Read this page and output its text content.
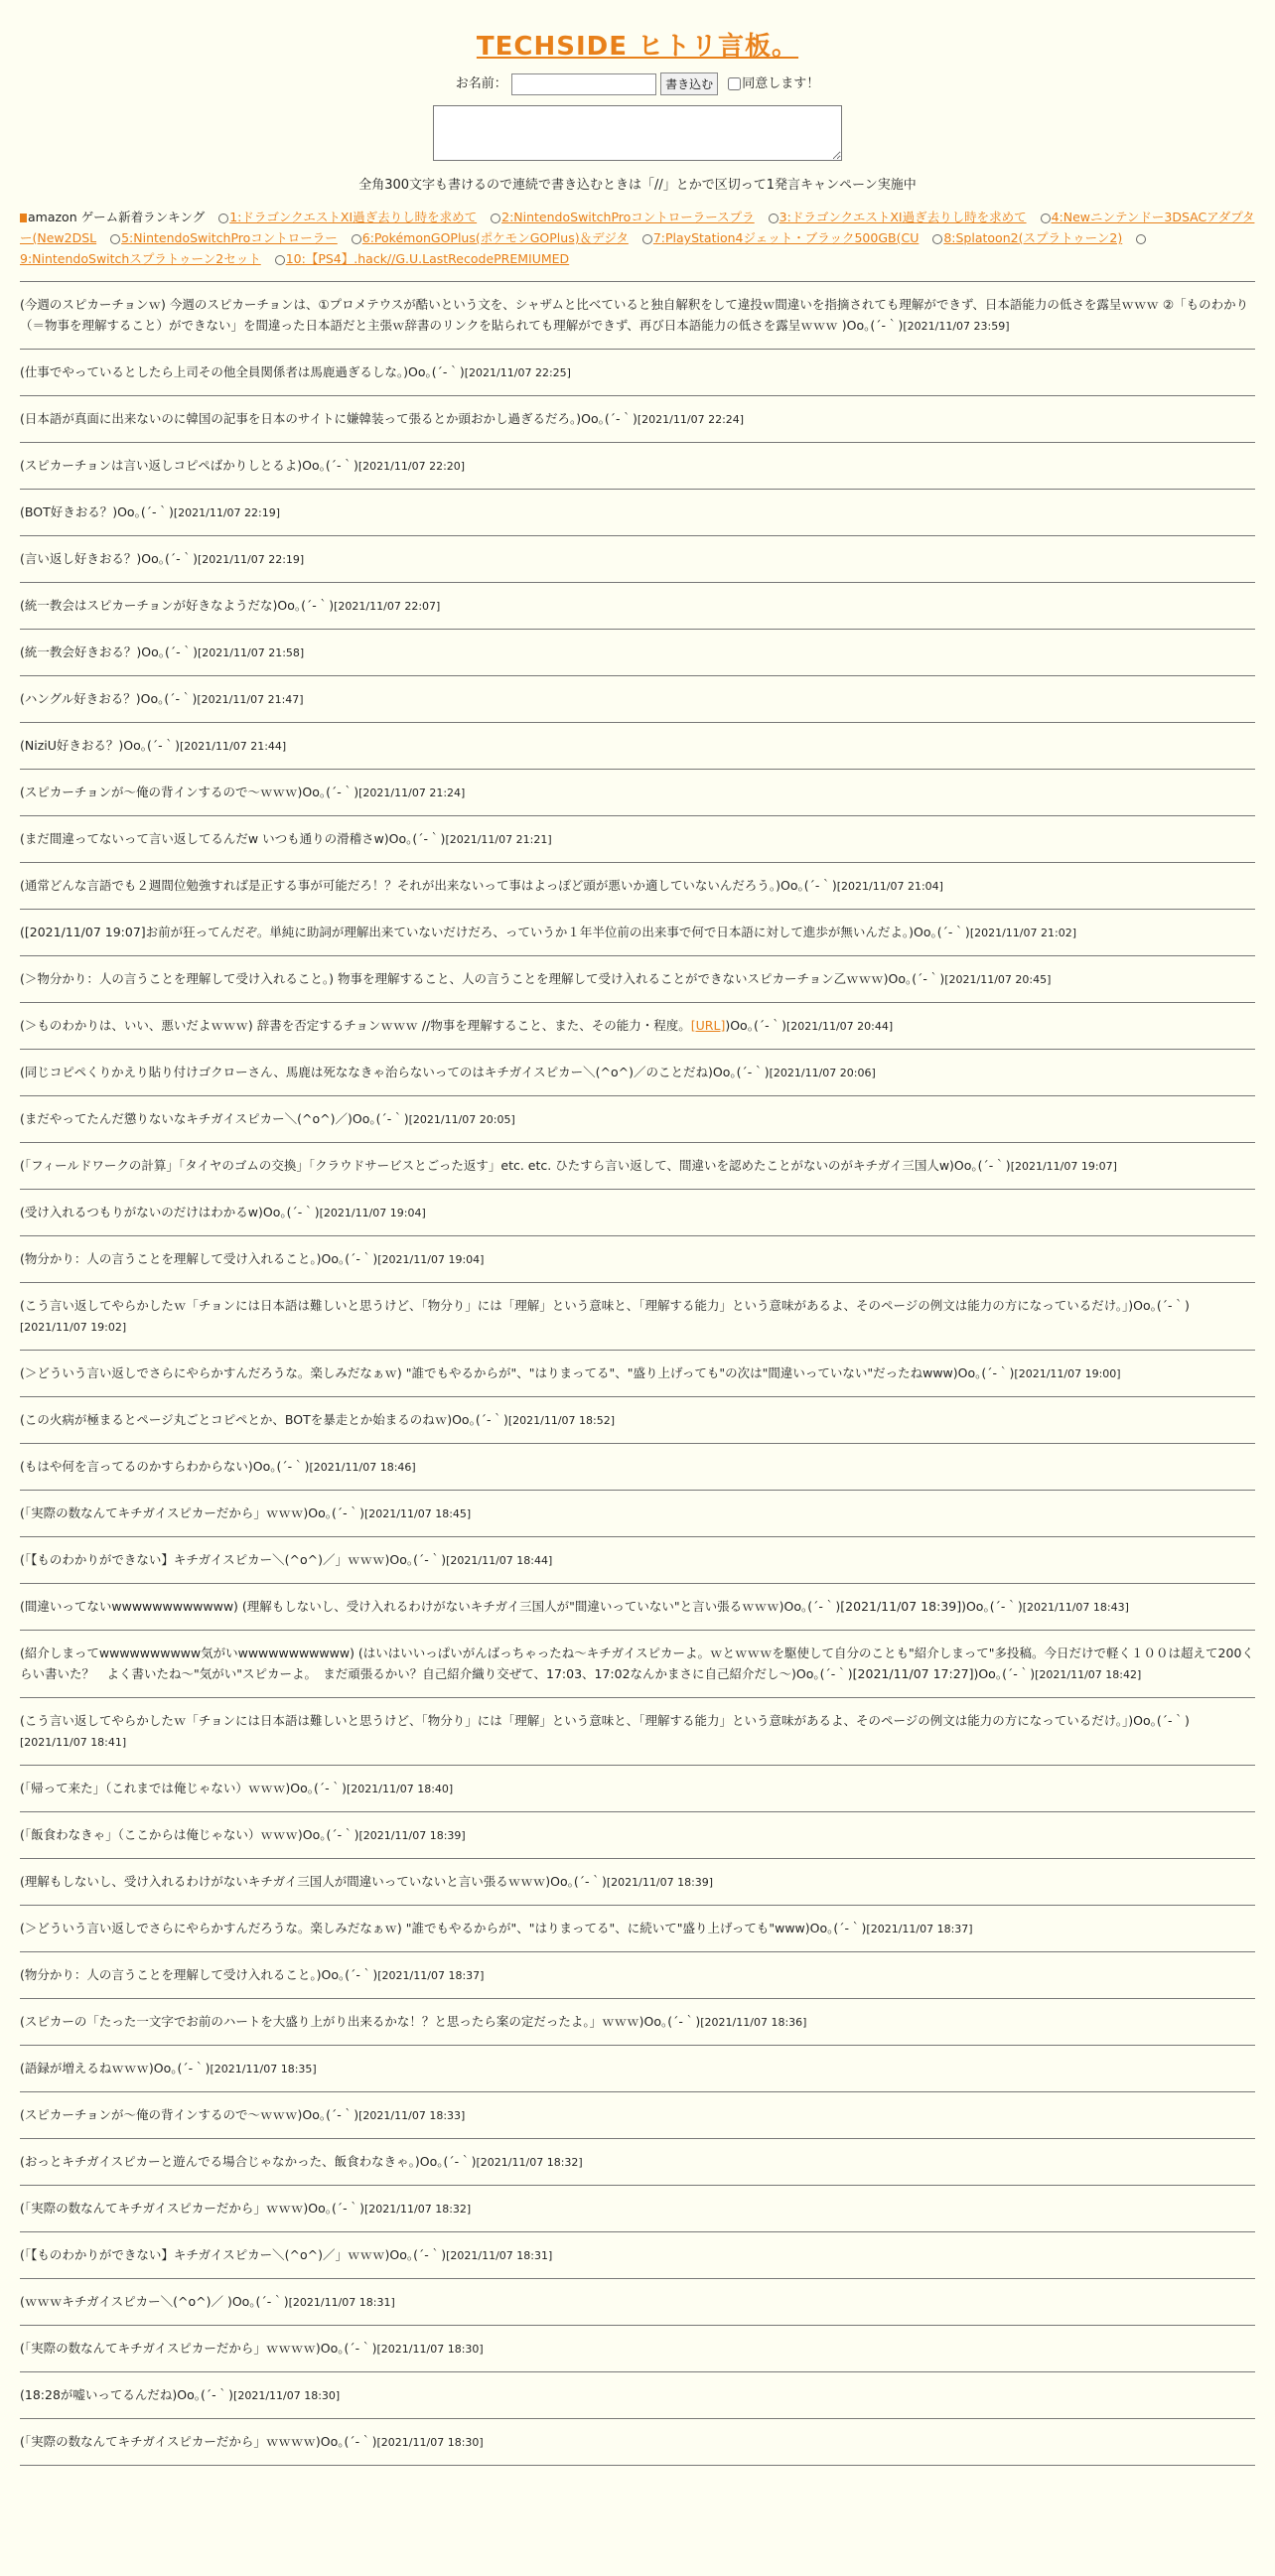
TECHSIDE ヒトリ言板。
お名前：	書き込む 同意します！
全角300文字も書けるので連続で書き込むときは「//」とかで区切って1発言キャンペーン実施中
amazon ゲーム新着ランキング 1:ドラゴンクエストXI過ぎ去りし時を求めて 2:NintendoSwitchProコントローラースプラ 3:ドラゴンクエストXI過ぎ去りし時を求めて 4:Newニンテンドー3DSACアダプター(New2DSL 5:NintendoSwitchProコントローラー 6:PokémonGOPlus(ポケモンGOPlus)＆デジタ 7:PlayStation4ジェット・ブラック500GB(CU 8:Splatoon2(スプラトゥーン2) 9:NintendoSwitchスプラトゥーン2セット 10:【PS4】.hack//G.U.LastRecodePREMIUMED
(今週のスピカーチョンｗ) 今週のスピカーチョンは、①プロメテウスが酷いという文を、シャザムと比べていると独自解釈をして違投ｗ間違いを指摘されても理解ができず、日本語能力の低さを露呈ｗｗｗ ②「ものわかり（＝物事を理解すること）ができない」を間違った日本語だと主張ｗ辞書のリンクを貼られても理解ができず、再び日本語能力の低さを露呈ｗｗｗ )Oo｡(´-｀)[2021/11/07 23:59]
(仕事でやっているとしたら上司その他全員関係者は馬鹿過ぎるしな。)Oo｡(´-｀)[2021/11/07 22:25]
(日本語が真面に出来ないのに韓国の記事を日本のサイトに嫌韓装って張るとか頭おかし過ぎるだろ。)Oo｡(´-｀)[2021/11/07 22:24]
(スピカーチョンは言い返しコピペばかりしとるよ)Oo｡(´-｀)[2021/11/07 22:20]
(BOT好きおる？)Oo｡(´-｀)[2021/11/07 22:19]
(言い返し好きおる？)Oo｡(´-｀)[2021/11/07 22:19]
(統一教会はスピカーチョンが好きなようだな)Oo｡(´-｀)[2021/11/07 22:07]
(統一教会好きおる？)Oo｡(´-｀)[2021/11/07 21:58]
(ハングル好きおる？)Oo｡(´-｀)[2021/11/07 21:47]
(NiziU好きおる？)Oo｡(´-｀)[2021/11/07 21:44]
(スピカーチョンが〜俺の背インするので〜ｗｗｗ)Oo｡(´-｀)[2021/11/07 21:24]
(まだ間違ってないって言い返してるんだw いつも通りの滑稽さw)Oo｡(´-｀)[2021/11/07 21:21]
(通常どんな言語でも２週間位勉強すれば是正する事が可能だろ！？それが出来ないって事はよっぽど頭が悪いか適していないんだろう。)Oo｡(´-｀)[2021/11/07 21:04]
([2021/11/07 19:07]お前が狂ってんだぞ。単純に助詞が理解出来ていないだけだろ、っていうか１年半位前の出来事で何で日本語に対して進歩が無いんだよ。)Oo｡(´-｀)[2021/11/07 21:02]
(＞物分かり：人の言うことを理解して受け入れること。) 物事を理解すること、人の言うことを理解して受け入れることができないスピカーチョン乙ｗｗｗ)Oo｡(´-｀)[2021/11/07 20:45]
(＞ものわかりは、いい、悪いだよｗｗｗ) 辞書を否定するチョンｗｗｗ //物事を理解すること、また、その能力・程度。[URL])Oo｡(´-｀)[2021/11/07 20:44]
(同じコピペくりかえり貼り付けゴクローさん、馬鹿は死ななきゃ治らないってのはキチガイスピカー＼(^o^)／のことだね)Oo｡(´-｀)[2021/11/07 20:06]
(まだやってたんだ懲りないなキチガイスピカー＼(^o^)／)Oo｡(´-｀)[2021/11/07 20:05]
(「フィールドワークの計算」「タイヤのゴムの交換」「クラウドサービスとごった返す」etc. etc. ひたすら言い返して、間違いを認めたことがないのがキチガイ三国人w)Oo｡(´-｀)[2021/11/07 19:07]
(受け入れるつもりがないのだけはわかるw)Oo｡(´-｀)[2021/11/07 19:04]
(物分かり：人の言うことを理解して受け入れること。)Oo｡(´-｀)[2021/11/07 19:04]
(こう言い返してやらかしたｗ「チョンには日本語は難しいと思うけど、「物分り」には「理解」という意味と、「理解する能力」という意味があるよ、そのページの例文は能力の方になっているだけ。」)Oo｡(´-｀)[2021/11/07 19:02]
(＞どういう言い返しでさらにやらかすんだろうな。楽しみだなぁｗ) "誰でもやるからが"、"はりまってる"、"盛り上げっても"の次は"間違いっていない"だったねwww)Oo｡(´-｀)[2021/11/07 19:00]
(この火病が極まるとページ丸ごとコピペとか、BOTを暴走とか始まるのねｗ)Oo｡(´-｀)[2021/11/07 18:52]
(もはや何を言ってるのかすらわからない)Oo｡(´-｀)[2021/11/07 18:46]
(「実際の数なんてキチガイスピカーだから」ｗｗｗ)Oo｡(´-｀)[2021/11/07 18:45]
(「【ものわかりができない】キチガイスピカー＼(^o^)／」ｗｗｗ)Oo｡(´-｀)[2021/11/07 18:44]
(間違いってないwwwwwwwwwwww) (理解もしないし、受け入れるわけがないキチガイ三国人が"間違いっていない"と言い張るｗｗｗ)Oo｡(´-｀)[2021/11/07 18:39])Oo｡(´-｀)[2021/11/07 18:43]
(紹介しまってwwwwwwwwww気がいwwwwwwwwwww) (はいはいいっぱいがんばっちゃったね～キチガイスピカーよ。ｗとｗｗｗを駆使して自分のことも"紹介しまって"多投稿。今日だけで軽く１００は超えて200くらい書いた？　よく書いたね～"気がい"スピカーよ。　まだ頑張るかい？自己紹介織り交ぜて、17:03、17:02なんかまさに自己紹介だし～)Oo｡(´-｀)[2021/11/07 17:27])Oo｡(´-｀)[2021/11/07 18:42]
(こう言い返してやらかしたｗ「チョンには日本語は難しいと思うけど、「物分り」には「理解」という意味と、「理解する能力」という意味があるよ、そのページの例文は能力の方になっているだけ。」)Oo｡(´-｀)[2021/11/07 18:41]
(「帰って来た」（これまでは俺じゃない）ｗｗｗ)Oo｡(´-｀)[2021/11/07 18:40]
(「飯食わなきゃ」（ここからは俺じゃない）ｗｗｗ)Oo｡(´-｀)[2021/11/07 18:39]
(理解もしないし、受け入れるわけがないキチガイ三国人が間違いっていないと言い張るｗｗｗ)Oo｡(´-｀)[2021/11/07 18:39]
(＞どういう言い返しでさらにやらかすんだろうな。楽しみだなぁｗ) "誰でもやるからが"、"はりまってる"、に続いて"盛り上げっても"www)Oo｡(´-｀)[2021/11/07 18:37]
(物分かり：人の言うことを理解して受け入れること。)Oo｡(´-｀)[2021/11/07 18:37]
(スピカーの「たった一文字でお前のハートを大盛り上がり出来るかな！？と思ったら案の定だったよ。」ｗｗｗ)Oo｡(´-｀)[2021/11/07 18:36]
(語録が増えるねｗｗｗ)Oo｡(´-｀)[2021/11/07 18:35]
(スピカーチョンが～俺の背インするので～ｗｗｗ)Oo｡(´-｀)[2021/11/07 18:33]
(おっとキチガイスピカーと遊んでる場合じゃなかった、飯食わなきゃ。)Oo｡(´-｀)[2021/11/07 18:32]
(「実際の数なんてキチガイスピカーだから」ｗｗｗ)Oo｡(´-｀)[2021/11/07 18:32]
(「【ものわかりができない】キチガイスピカー＼(^o^)／」ｗｗｗ)Oo｡(´-｀)[2021/11/07 18:31]
(ｗｗｗキチガイスピカー＼(^o^)／ )Oo｡(´-｀)[2021/11/07 18:31]
(「実際の数なんてキチガイスピカーだから」ｗｗｗｗ)Oo｡(´-｀)[2021/11/07 18:30]
(18:28が嘘いってるんだね)Oo｡(´-｀)[2021/11/07 18:30]
(「実際の数なんてキチガイスピカーだから」ｗｗｗｗ)Oo｡(´-｀)[2021/11/07 18:30]
